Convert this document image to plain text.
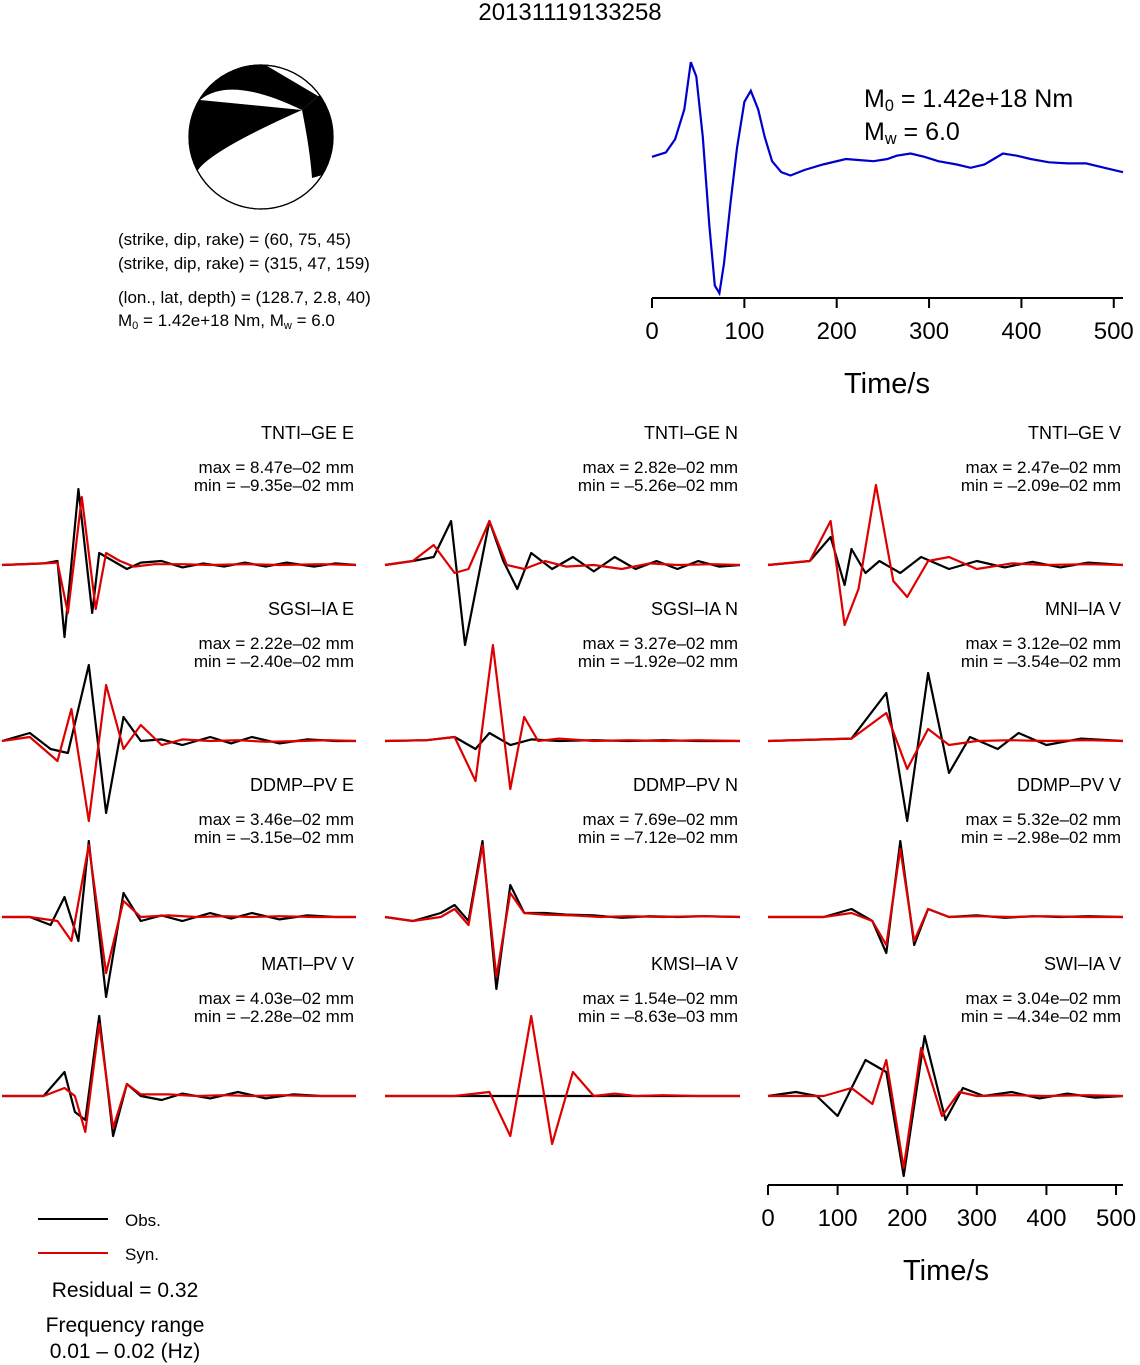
20131119133258
(strike, dip, rake) = (60, 75, 45)
(strike, dip, rake) = (315, 47, 159)
(lon., lat, depth) = (128.7, 2.8, 40)
$M_0 = 1.42e+18$ Nm, $M_w = 6.0$
$M_0 = 1.42e+18$ Nm
$M_w = 6.0$
0	100 200 300 400 500
Time/s
TNTI–GE E
max = 8.47e–02 mm
min = –9.35e–02 mm
TNTI–GE N
max = 2.82e–02 mm
min = –5.26e–02 mm
TNTI–GE V
max = 2.47e–02 mm
min = –2.09e–02 mm
SGSI–IA E
max = 2.22e–02 mm
min = –2.40e–02 mm
SGSI–IA N
max = 3.27e–02 mm
min = –1.92e–02 mm
MNI–IA V
max = 3.12e–02 mm
min = –3.54e–02 mm
DDMP–PV E
max = 3.46e–02 mm
min = –3.15e–02 mm
DDMP–PV N
max = 7.69e–02 mm
min = –7.12e–02 mm
DDMP–PV V
max = 5.32e–02 mm
min = –2.98e–02 mm
MATI–PV V
max = 4.03e–02 mm
min = –2.28e–02 mm
KMSI–IA V
max = 1.54e–02 mm
min = –8.63e–03 mm
SWI–IA V
max = 3.04e–02 mm
min = –4.34e–02 mm
0 100 200 300 400 500
Time/s
Obs.
Syn.
Residual = 0.32
Frequency range
0.01 – 0.02 (Hz)
